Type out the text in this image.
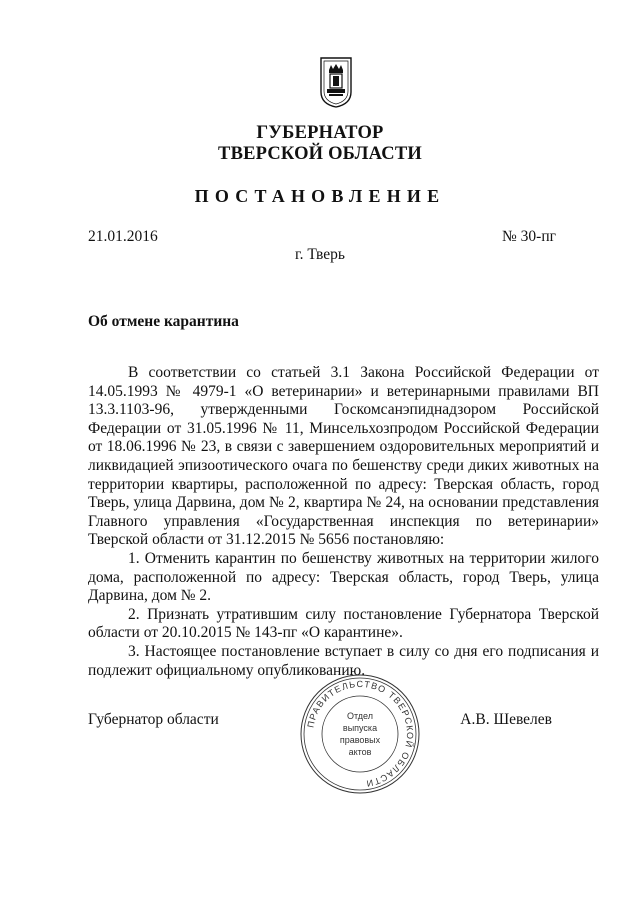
ГУБЕРНАТОР
ТВЕРСКОЙ ОБЛАСТИ
ПОСТАНОВЛЕНИЕ
21.01.2016	№ 30-пг
г. Тверь
Об отмене карантина

В соответствии со статьей 3.1 Закона Российской Федерации от 14.05.1993 № 4979-1 «О ветеринарии» и ветеринарными правилами ВП 13.3.1103-96, утвержденными Госкомсанэпиднадзором Российской Федерации от 31.05.1996 № 11, Минсельхозпродом Российской Федерации от 18.06.1996 № 23, в связи с завершением оздоровительных мероприятий и ликвидацией эпизоотического очага по бешенству среди диких животных на территории квартиры, расположенной по адресу: Тверская область, город Тверь, улица Дарвина, дом № 2, квартира № 24, на основании представления Главного управления «Государственная инспекция по ветеринарии» Тверской области от 31.12.2015 № 5656 постановляю:

1. Отменить карантин по бешенству животных на территории жилого дома, расположенной по адресу: Тверская область, город Тверь, улица Дарвина, дом № 2.

2. Признать утратившим силу постановление Губернатора Тверской области от 20.10.2015 № 143-пг «О карантине».

3. Настоящее постановление вступает в силу со дня его подписания и подлежит официальному опубликованию.

Губернатор области	А.В. Шевелев
ПРАВИТЕЛЬСТВО ТВЕРСКОЙ ОБЛАСТИ
Отдел
выпуска
правовых
актов
